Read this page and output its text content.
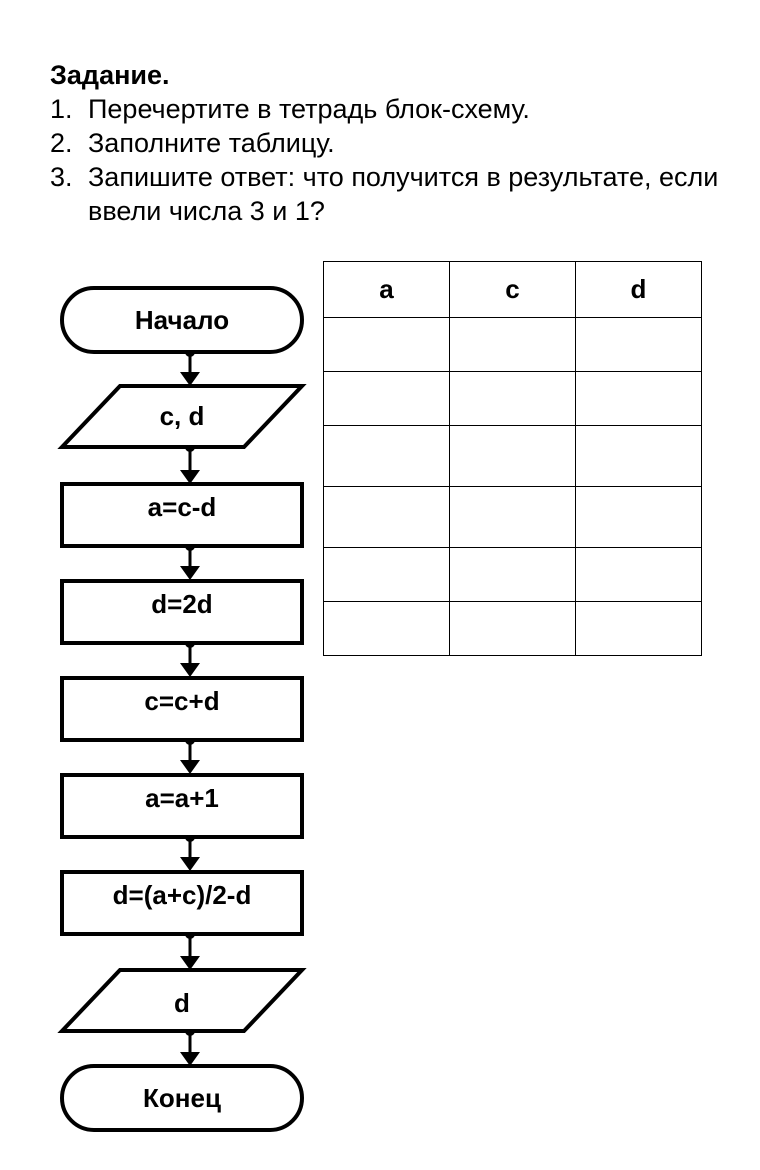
Задание.
1. Перечертите в тетрадь блок-схему.
2. Заполните таблицу.
3. Запишите ответ: что получится в результате, если ввели числа 3 и 1?
Начало
c, d
a=c-d
d=2d
c=c+d
a=a+1
d=(a+c)/2-d
d
Конец
a	c	d
